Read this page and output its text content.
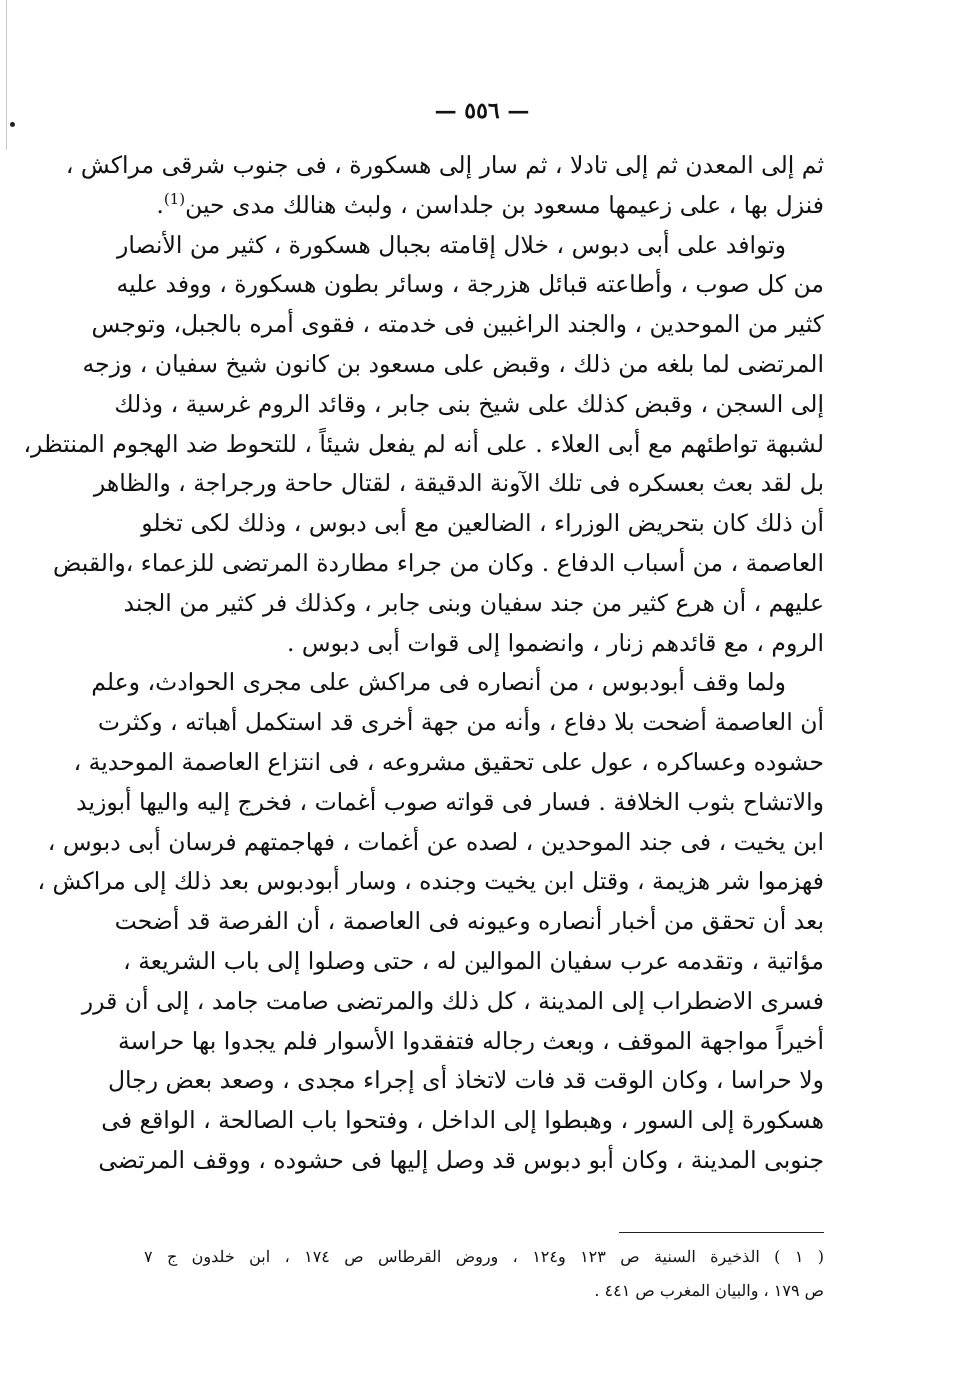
— ٥٥٦ —
ثم إلى المعدن ثم إلى تادلا ، ثم سار إلى هسكورة ، فى جنوب شرقى مراكش ،
فنزل بها ، على زعيمها مسعود بن جلداسن ، ولبث هنالك مدى حين$^{(1)}$.
وتوافد على أبى دبوس ، خلال إقامته بجبال هسكورة ، كثير من الأنصار
من كل صوب ، وأطاعته قبائل هزرجة ، وسائر بطون هسكورة ، ووفد عليه
كثير من الموحدين ، والجند الراغبين فى خدمته ، فقوى أمره بالجبل، وتوجس
المرتضى لما بلغه من ذلك ، وقبض على مسعود بن كانون شيخ سفيان ، وزجه
إلى السجن ، وقبض كذلك على شيخ بنى جابر ، وقائد الروم غرسية ، وذلك
لشبهة تواطئهم مع أبى العلاء . على أنه لم يفعل شيئاً ، للتحوط ضد الهجوم المنتظر،
بل لقد بعث بعسكره فى تلك الآونة الدقيقة ، لقتال حاحة ورجراجة ، والظاهر
أن ذلك كان بتحريض الوزراء ، الضالعين مع أبى دبوس ، وذلك لكى تخلو
العاصمة ، من أسباب الدفاع . وكان من جراء مطاردة المرتضى للزعماء ،والقبض
عليهم ، أن هرع كثير من جند سفيان وبنى جابر ، وكذلك فر كثير من الجند
الروم ، مع قائدهم زنار ، وانضموا إلى قوات أبى دبوس .
ولما وقف أبودبوس ، من أنصاره فى مراكش على مجرى الحوادث، وعلم
أن العاصمة أضحت بلا دفاع ، وأنه من جهة أخرى قد استكمل أهباته ، وكثرت
حشوده وعساكره ، عول على تحقيق مشروعه ، فى انتزاع العاصمة الموحدية ،
والاتشاح بثوب الخلافة . فسار فى قواته صوب أغمات ، فخرج إليه واليها أبوزيد
ابن يخيت ، فى جند الموحدين ، لصده عن أغمات ، فهاجمتهم فرسان أبى دبوس ،
فهزموا شر هزيمة ، وقتل ابن يخيت وجنده ، وسار أبودبوس بعد ذلك إلى مراكش ،
بعد أن تحقق من أخبار أنصاره وعيونه فى العاصمة ، أن الفرصة قد أضحت
مؤاتية ، وتقدمه عرب سفيان الموالين له ، حتى وصلوا إلى باب الشريعة ،
فسرى الاضطراب إلى المدينة ، كل ذلك والمرتضى صامت جامد ، إلى أن قرر
أخيراً مواجهة الموقف ، وبعث رجاله فتفقدوا الأسوار فلم يجدوا بها حراسة
ولا حراسا ، وكان الوقت قد فات لاتخاذ أى إجراء مجدى ، وصعد بعض رجال
هسكورة إلى السور ، وهبطوا إلى الداخل ، وفتحوا باب الصالحة ، الواقع فى
جنوبى المدينة ، وكان أبو دبوس قد وصل إليها فى حشوده ، ووقف المرتضى
( ١ ) الذخيرة السنية ص ١٢٣ و١٢٤ ، وروض القرطاس ص ١٧٤ ، ابن خلدون ج ٧
ص ١٧٩ ، والبيان المغرب ص ٤٤١ .
